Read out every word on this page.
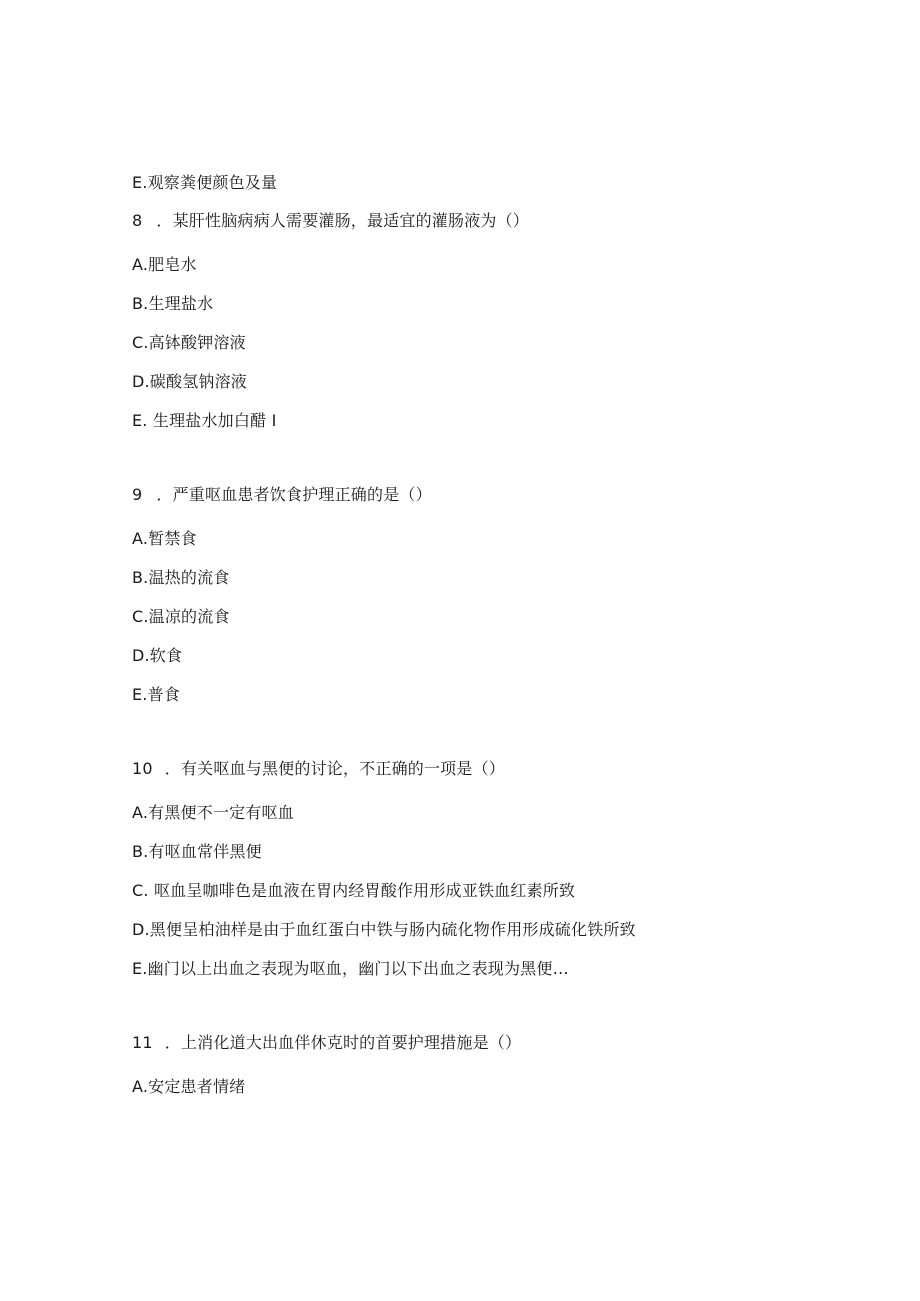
E.观察粪便颜色及量
8 ．某肝性脑病病人需要灌肠，最适宜的灌肠液为（）
A.肥皂水
B.生理盐水
C.高钵酸钾溶液
D.碳酸氢钠溶液
E. 生理盐水加白醋 I
9 ．严重呕血患者饮食护理正确的是（）
A.暂禁食
B.温热的流食
C.温凉的流食
D.软食
E.普食
10 ．有关呕血与黑便的讨论，不正确的一项是（）
A.有黑便不一定有呕血
B.有呕血常伴黑便
C. 呕血呈咖啡色是血液在胃内经胃酸作用形成亚铁血红素所致
D.黑便呈柏油样是由于血红蛋白中铁与肠内硫化物作用形成硫化铁所致
E.幽门以上出血之表现为呕血，幽门以下出血之表现为黑便…
11 ．上消化道大出血伴休克时的首要护理措施是（）
A.安定患者情绪
